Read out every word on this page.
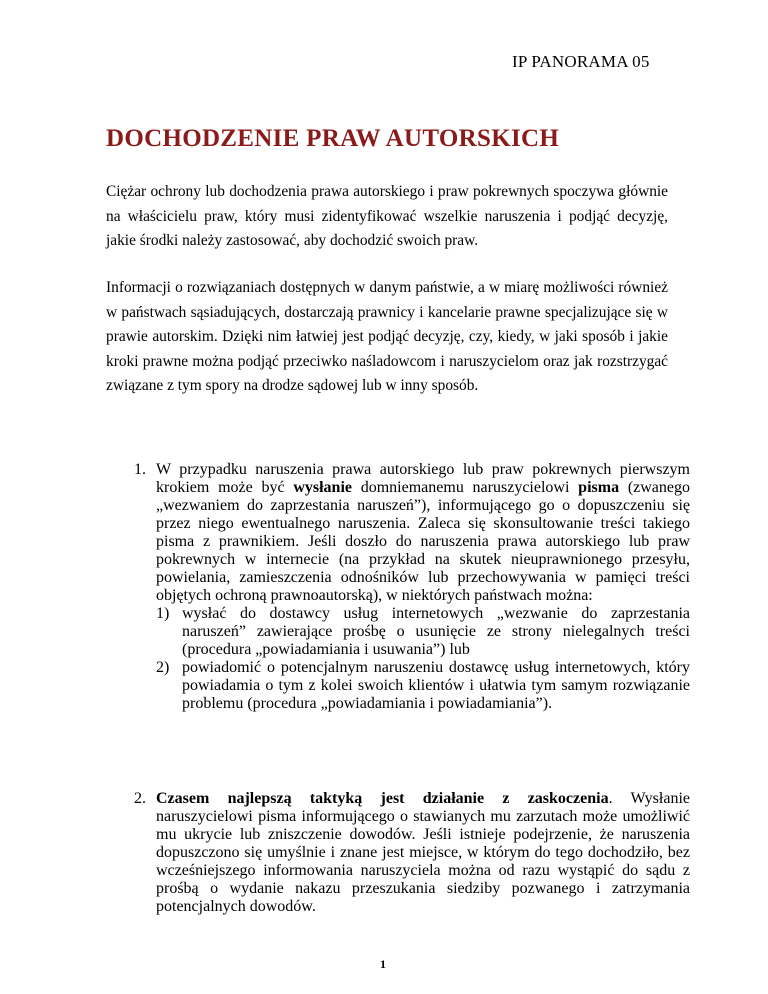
IP PANORAMA 05
DOCHODZENIE PRAW AUTORSKICH

Ciężar ochrony lub dochodzenia prawa autorskiego i praw pokrewnych spoczywa głównie na właścicielu praw, który musi zidentyfikować wszelkie naruszenia i podjąć decyzję, jakie środki należy zastosować, aby dochodzić swoich praw.

Informacji o rozwiązaniach dostępnych w danym państwie, a w miarę możliwości również w państwach sąsiadujących, dostarczają prawnicy i kancelarie prawne specjalizujące się w prawie autorskim. Dzięki nim łatwiej jest podjąć decyzję, czy, kiedy, w jaki sposób i jakie kroki prawne można podjąć przeciwko naśladowcom i naruszycielom oraz jak rozstrzygać związane z tym spory na drodze sądowej lub w inny sposób.

1. W przypadku naruszenia prawa autorskiego lub praw pokrewnych pierwszym krokiem może być wysłanie domniemanemu naruszycielowi pisma (zwanego „wezwaniem do zaprzestania naruszeń”), informującego go o dopuszczeniu się przez niego ewentualnego naruszenia. Zaleca się skonsultowanie treści takiego pisma z prawnikiem. Jeśli doszło do naruszenia prawa autorskiego lub praw pokrewnych w internecie (na przykład na skutek nieuprawnionego przesyłu, powielania, zamieszczenia odnośników lub przechowywania w pamięci treści objętych ochroną prawnoautorską), w niektórych państwach można:
1) wysłać do dostawcy usług internetowych „wezwanie do zaprzestania naruszeń” zawierające prośbę o usunięcie ze strony nielegalnych treści (procedura „powiadamiania i usuwania”) lub
2) powiadomić o potencjalnym naruszeniu dostawcę usług internetowych, który powiadamia o tym z kolei swoich klientów i ułatwia tym samym rozwiązanie problemu (procedura „powiadamiania i powiadamiania”).
2. Czasem najlepszą taktyką jest działanie z zaskoczenia. Wysłanie naruszycielowi pisma informującego o stawianych mu zarzutach może umożliwić mu ukrycie lub zniszczenie dowodów. Jeśli istnieje podejrzenie, że naruszenia dopuszczono się umyślnie i znane jest miejsce, w którym do tego dochodziło, bez wcześniejszego informowania naruszyciela można od razu wystąpić do sądu z prośbą o wydanie nakazu przeszukania siedziby pozwanego i zatrzymania potencjalnych dowodów.
1
